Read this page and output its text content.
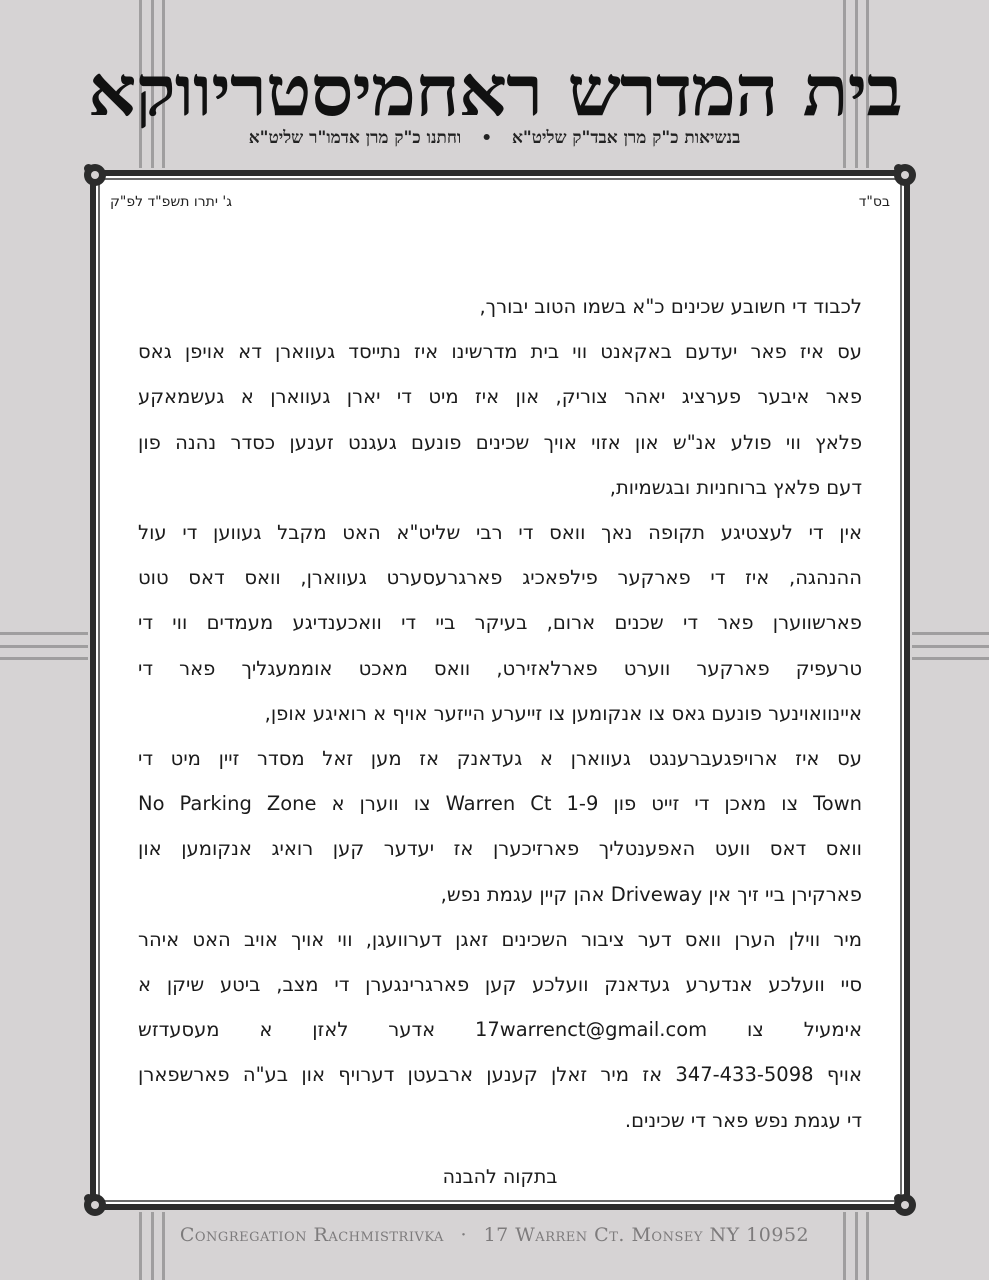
בית המדרש ראחמיסטריווקא
בנשיאות כ"ק מרן אבד"ק שליט"א • וחתנו כ"ק מרן אדמו"ר שליט"א
בס"ד
ג' יתרו תשפ"ד לפ"ק
לכבוד די חשובע שכינים כ"א בשמו הטוב יבורך,
עס איז פאר יעדעם באקאנט ווי בית מדרשינו איז נתייסד געווארן דא אויפן גאס
פאר איבער פערציג יאהר צוריק, און איז מיט די יארן געווארן א געשמאקע
פלאץ ווי פולע אנ"ש און אזוי אויך שכינים פונעם געגנט זענען כסדר נהנה פון
דעם פלאץ ברוחניות ובגשמיות,
אין די לעצטיגע תקופה נאך וואס די רבי שליט"א האט מקבל געווען די עול
ההנהגה, איז די פארקער פילפאכיג פארגרעסערט געווארן, וואס דאס טוט
פארשווערן פאר די שכנים ארום, בעיקר ביי די וואכענדיגע מעמדים ווי די
טרעפיק פארקער ווערט פארלאזירט, וואס מאכט אוממעגליך פאר די
איינוואוינער פונעם גאס צו אנקומען צו זייערע הייזער אויף א רואיגע אופן,
עס איז ארויפגעברענגט געווארן א געדאנק אז מען זאל מסדר זיין מיט די
Town צו מאכן די זייט פון 1-9 Warren Ct צו ווערן א No Parking Zone
וואס דאס וועט האפענטליך פארזיכערן אז יעדער קען רואיג אנקומען און
פארקירן ביי זיך אין Driveway אהן קיין עגמת נפש,
מיר ווילן הערן וואס דער ציבור השכינים זאגן דערוועגן, ווי אויך אויב האט איהר
סיי וועלכע אנדערע געדאנק וועלכע קען פארגרינגערן די מצב, ביטע שיקן א
אימעיל צו 17warrenct@gmail.com אדער לאזן א מעסעדזש
אויף 347-433-5098 אז מיר זאלן קענען ארבעטן דערויף און בע"ה פארשפארן
די עגמת נפש פאר די שכינים.
בתקוה להבנה
Congregation Rachmistrivka · 17 Warren Ct. Monsey NY 10952
